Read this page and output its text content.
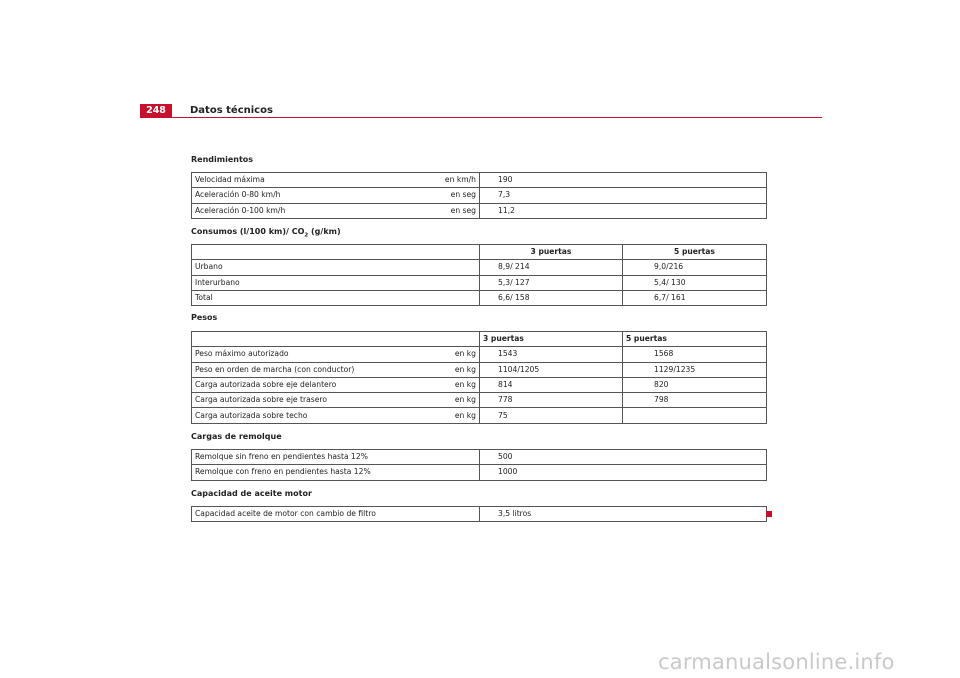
248	Datos técnicos
Rendimientos
Velocidad máxima en km/h	190

Aceleración 0-80 km/h en seg	7,3

Aceleración 0-100 km/h en seg	11,2
Consumos (l/100 km)/ $CO_2$ (g/km)
	3 puertas	5 puertas
Urbano	8,9/ 214	9,0/216
Interurbano	5,3/ 127	5,4/ 130
Total	6,6/ 158	6,7/ 161
Pesos
	3 puertas	5 puertas

Peso máximo autorizado en kg	1543	1568

Peso en orden de marcha (con conductor) en kg	1104/1205	1129/1235

Carga autorizada sobre eje delantero en kg	814	820

Carga autorizada sobre eje trasero en kg	778	798

Carga autorizada sobre techo en kg	75	
Cargas de remolque
Remolque sin freno en pendientes hasta 12%	500
Remolque con freno en pendientes hasta 12%	1000
Capacidad de aceite motor
Capacidad aceite de motor con cambio de filtro	3,5 litros
carmanualsonline.info
